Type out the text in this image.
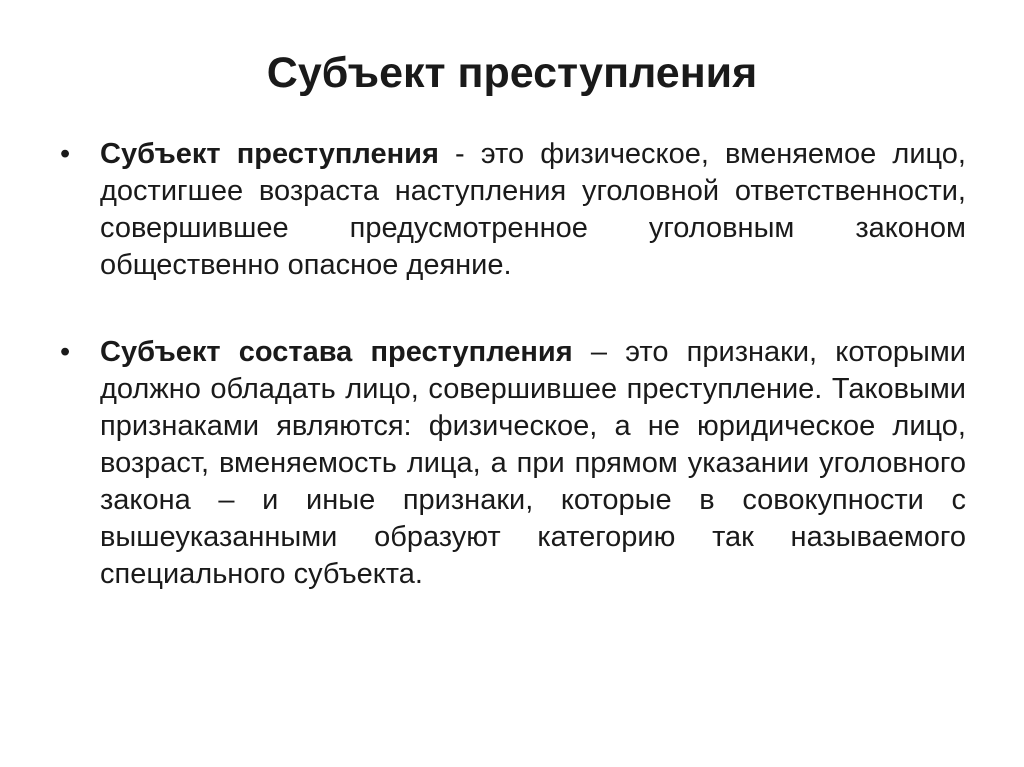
Субъект преступления
•	Субъект преступления - это физическое, вменяемое лицо, достигшее возраста наступления уголовной ответственности, совершившее предусмотренное уголовным законом общественно опасное деяние.
•	Субъект состава преступления – это признаки, которыми должно обладать лицо, совершившее преступление. Таковыми признаками являются: физическое, а не юридическое лицо, возраст, вменяемость лица, а при прямом указании уголовного закона – и иные признаки, которые в совокупности с вышеуказанными образуют категорию так называемого специального субъекта.
